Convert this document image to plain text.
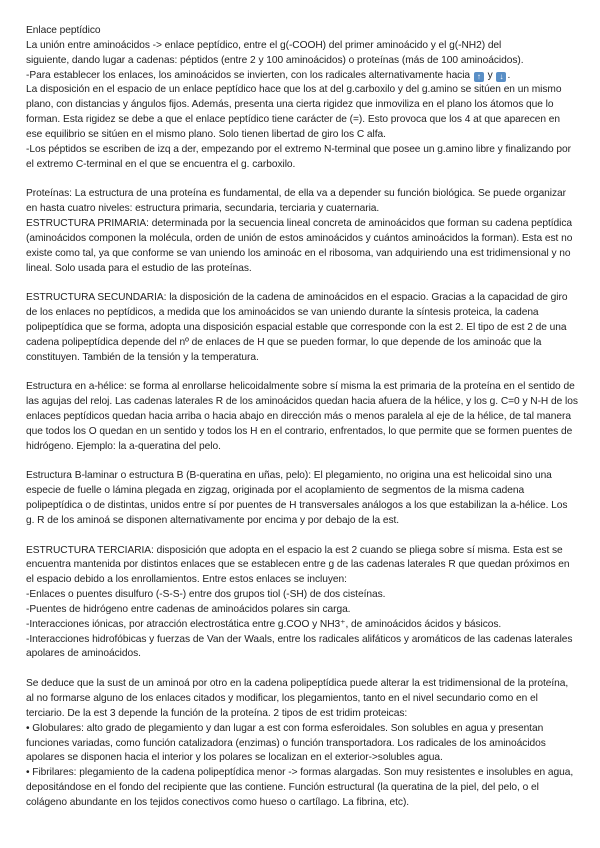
Enlace peptídico

La unión entre aminoácidos -> enlace peptídico, entre el g(-COOH) del primer aminoácido y el g(-NH2) del

siguiente, dando lugar a cadenas: péptidos (entre 2 y 100 aminoácidos) o proteínas (más de 100 aminoácidos).

-Para establecer los enlaces, los aminoácidos se invierten, con los radicales alternativamente hacia ↑ y ↓ .

La disposición en el espacio de un enlace peptídico hace que los at del g.carboxilo y del g.amino se sitúen en un mismo plano, con distancias y ángulos fijos. Además, presenta una cierta rigidez que inmoviliza en el plano los átomos que lo forman. Esta rigidez se debe a que el enlace peptídico tiene carácter de (=). Esto provoca que los 4 at que aparecen en ese equilibrio se sitúen en el mismo plano. Solo tienen libertad de giro los C alfa.

-Los péptidos se escriben de izq a der, empezando por el extremo N-terminal que posee un g.amino libre y finalizando por el extremo C-terminal en el que se encuentra el g. carboxilo.

Proteínas: La estructura de una proteína es fundamental, de ella va a depender su función biológica. Se puede organizar en hasta cuatro niveles: estructura primaria, secundaria, terciaria y cuaternaria.

ESTRUCTURA PRIMARIA: determinada por la secuencia lineal concreta de aminoácidos que forman su cadena peptídica (aminoácidos componen la molécula, orden de unión de estos aminoácidos y cuántos aminoácidos la forman). Esta est no existe como tal, ya que conforme se van uniendo los aminoác en el ribosoma, van adquiriendo una est tridimensional y no lineal. Solo usada para el estudio de las proteínas.

ESTRUCTURA SECUNDARIA: la disposición de la cadena de aminoácidos en el espacio. Gracias a la capacidad de giro de los enlaces no peptídicos, a medida que los aminoácidos se van uniendo durante la síntesis proteica, la cadena polipeptídica que se forma, adopta una disposición espacial estable que corresponde con la est 2. El tipo de est 2 de una cadena polipeptídica depende del nº de enlaces de H que se pueden formar, lo que depende de los aminoác que la constituyen. También de la tensión y la temperatura.

Estructura en a-hélice: se forma al enrollarse helicoidalmente sobre sí misma la est primaria de la proteína en el sentido de las agujas del reloj. Las cadenas laterales R de los aminoácidos quedan hacia afuera de la hélice, y los g. C=0 y N-H de los enlaces peptídicos quedan hacia arriba o hacia abajo en dirección más o menos paralela al eje de la hélice, de tal manera que todos los O quedan en un sentido y todos los H en el contrario, enfrentados, lo que permite que se formen puentes de hidrógeno. Ejemplo: la a-queratina del pelo.

Estructura B-laminar o estructura B (B-queratina en uñas, pelo): El plegamiento, no origina una est helicoidal sino una especie de fuelle o lámina plegada en zigzag, originada por el acoplamiento de segmentos de la misma cadena polipeptídica o de distintas, unidos entre sí por puentes de H transversales análogos a los que estabilizan la a-hélice. Los g. R de los aminoá se disponen alternativamente por encima y por debajo de la est.

ESTRUCTURA TERCIARIA: disposición que adopta en el espacio la est 2 cuando se pliega sobre sí misma. Esta est se encuentra mantenida por distintos enlaces que se establecen entre g de las cadenas laterales R que quedan próximos en el espacio debido a los enrollamientos. Entre estos enlaces se incluyen:

-Enlaces o puentes disulfuro (-S-S-) entre dos grupos tiol (-SH) de dos cisteínas.

-Puentes de hidrógeno entre cadenas de aminoácidos polares sin carga.

-Interacciones iónicas, por atracción electrostática entre g.COO y NH3⁺, de aminoácidos ácidos y básicos.

-Interacciones hidrofóbicas y fuerzas de Van der Waals, entre los radicales alifáticos y aromáticos de las cadenas laterales apolares de aminoácidos.

Se deduce que la sust de un aminoá por otro en la cadena polipeptídica puede alterar la est tridimensional de la proteína, al no formarse alguno de los enlaces citados y modificar, los plegamientos, tanto en el nivel secundario como en el terciario. De la est 3 depende la función de la proteína. 2 tipos de est tridim proteicas:

• Globulares: alto grado de plegamiento y dan lugar a est con forma esferoidales. Son solubles en agua y presentan funciones variadas, como función catalizadora (enzimas) o función transportadora. Los radicales de los aminoácidos apolares se disponen hacia el interior y los polares se localizan en el exterior->solubles agua.

• Fibrilares: plegamiento de la cadena polipeptídica menor -> formas alargadas. Son muy resistentes e insolubles en agua, depositándose en el fondo del recipiente que las contiene. Función estructural (la queratina de la piel, del pelo, o el colágeno abundante en los tejidos conectivos como hueso o cartílago. La fibrina, etc).
